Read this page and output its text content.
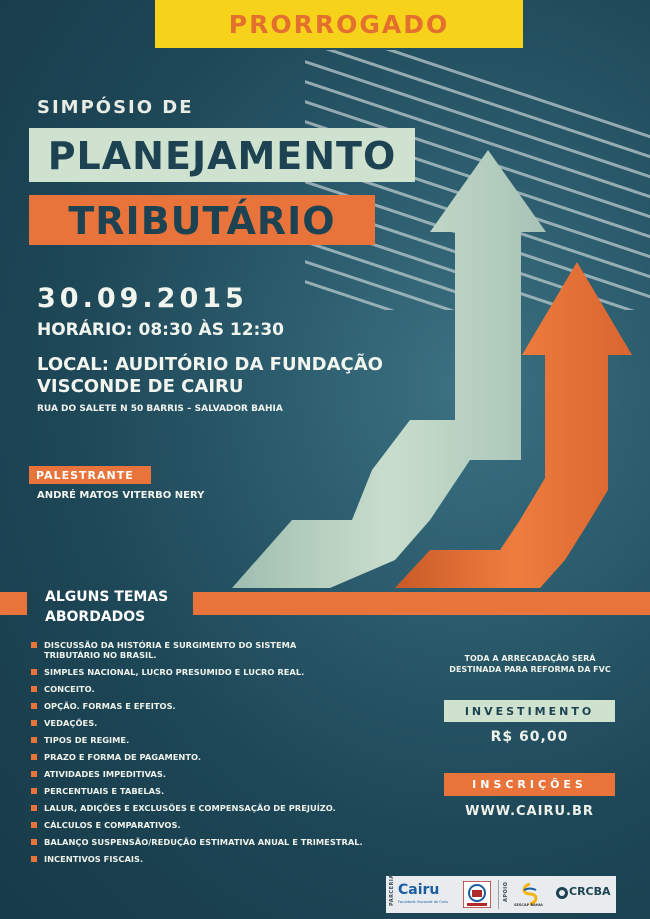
PRORROGADO
SIMPÓSIO DE
PLANEJAMENTO
TRIBUTÁRIO
30.09.2015
HORÁRIO: 08:30 ÀS 12:30
LOCAL: AUDITÓRIO DA FUNDAÇÃO
VISCONDE DE CAIRU
RUA DO SALETE N 50 BARRIS – SALVADOR BAHIA
PALESTRANTE
ANDRÉ MATOS VITERBO NERY
ALGUNS TEMAS
ABORDADOS
DISCUSSÃO DA HISTÓRIA E SURGIMENTO DO SISTEMA
TRIBUTÁRIO NO BRASIL.
SIMPLES NACIONAL, LUCRO PRESUMIDO E LUCRO REAL.
CONCEITO.
OPÇÃO. FORMAS E EFEITOS.
VEDAÇÕES.
TIPOS DE REGIME.
PRAZO E FORMA DE PAGAMENTO.
ATIVIDADES IMPEDITIVAS.
PERCENTUAIS E TABELAS.
LALUR, ADIÇÕES E EXCLUSÕES E COMPENSAÇÃO DE PREJUÍZO.
CÁLCULOS E COMPARATIVOS.
BALANÇO SUSPENSÃO/REDUÇÃO ESTIMATIVA ANUAL E TRIMESTRAL.
INCENTIVOS FISCAIS.
TODA A ARRECADAÇÃO SERÁ
DESTINADA PARA REFORMA DA FVC
INVESTIMENTO
R$ 60,00
INSCRIÇÕES
WWW.CAIRU.BR
PARCERIA Cairu
Faculdade Visconde de Cairu	APOIO
SESCAP BAHIA
CRCBA
